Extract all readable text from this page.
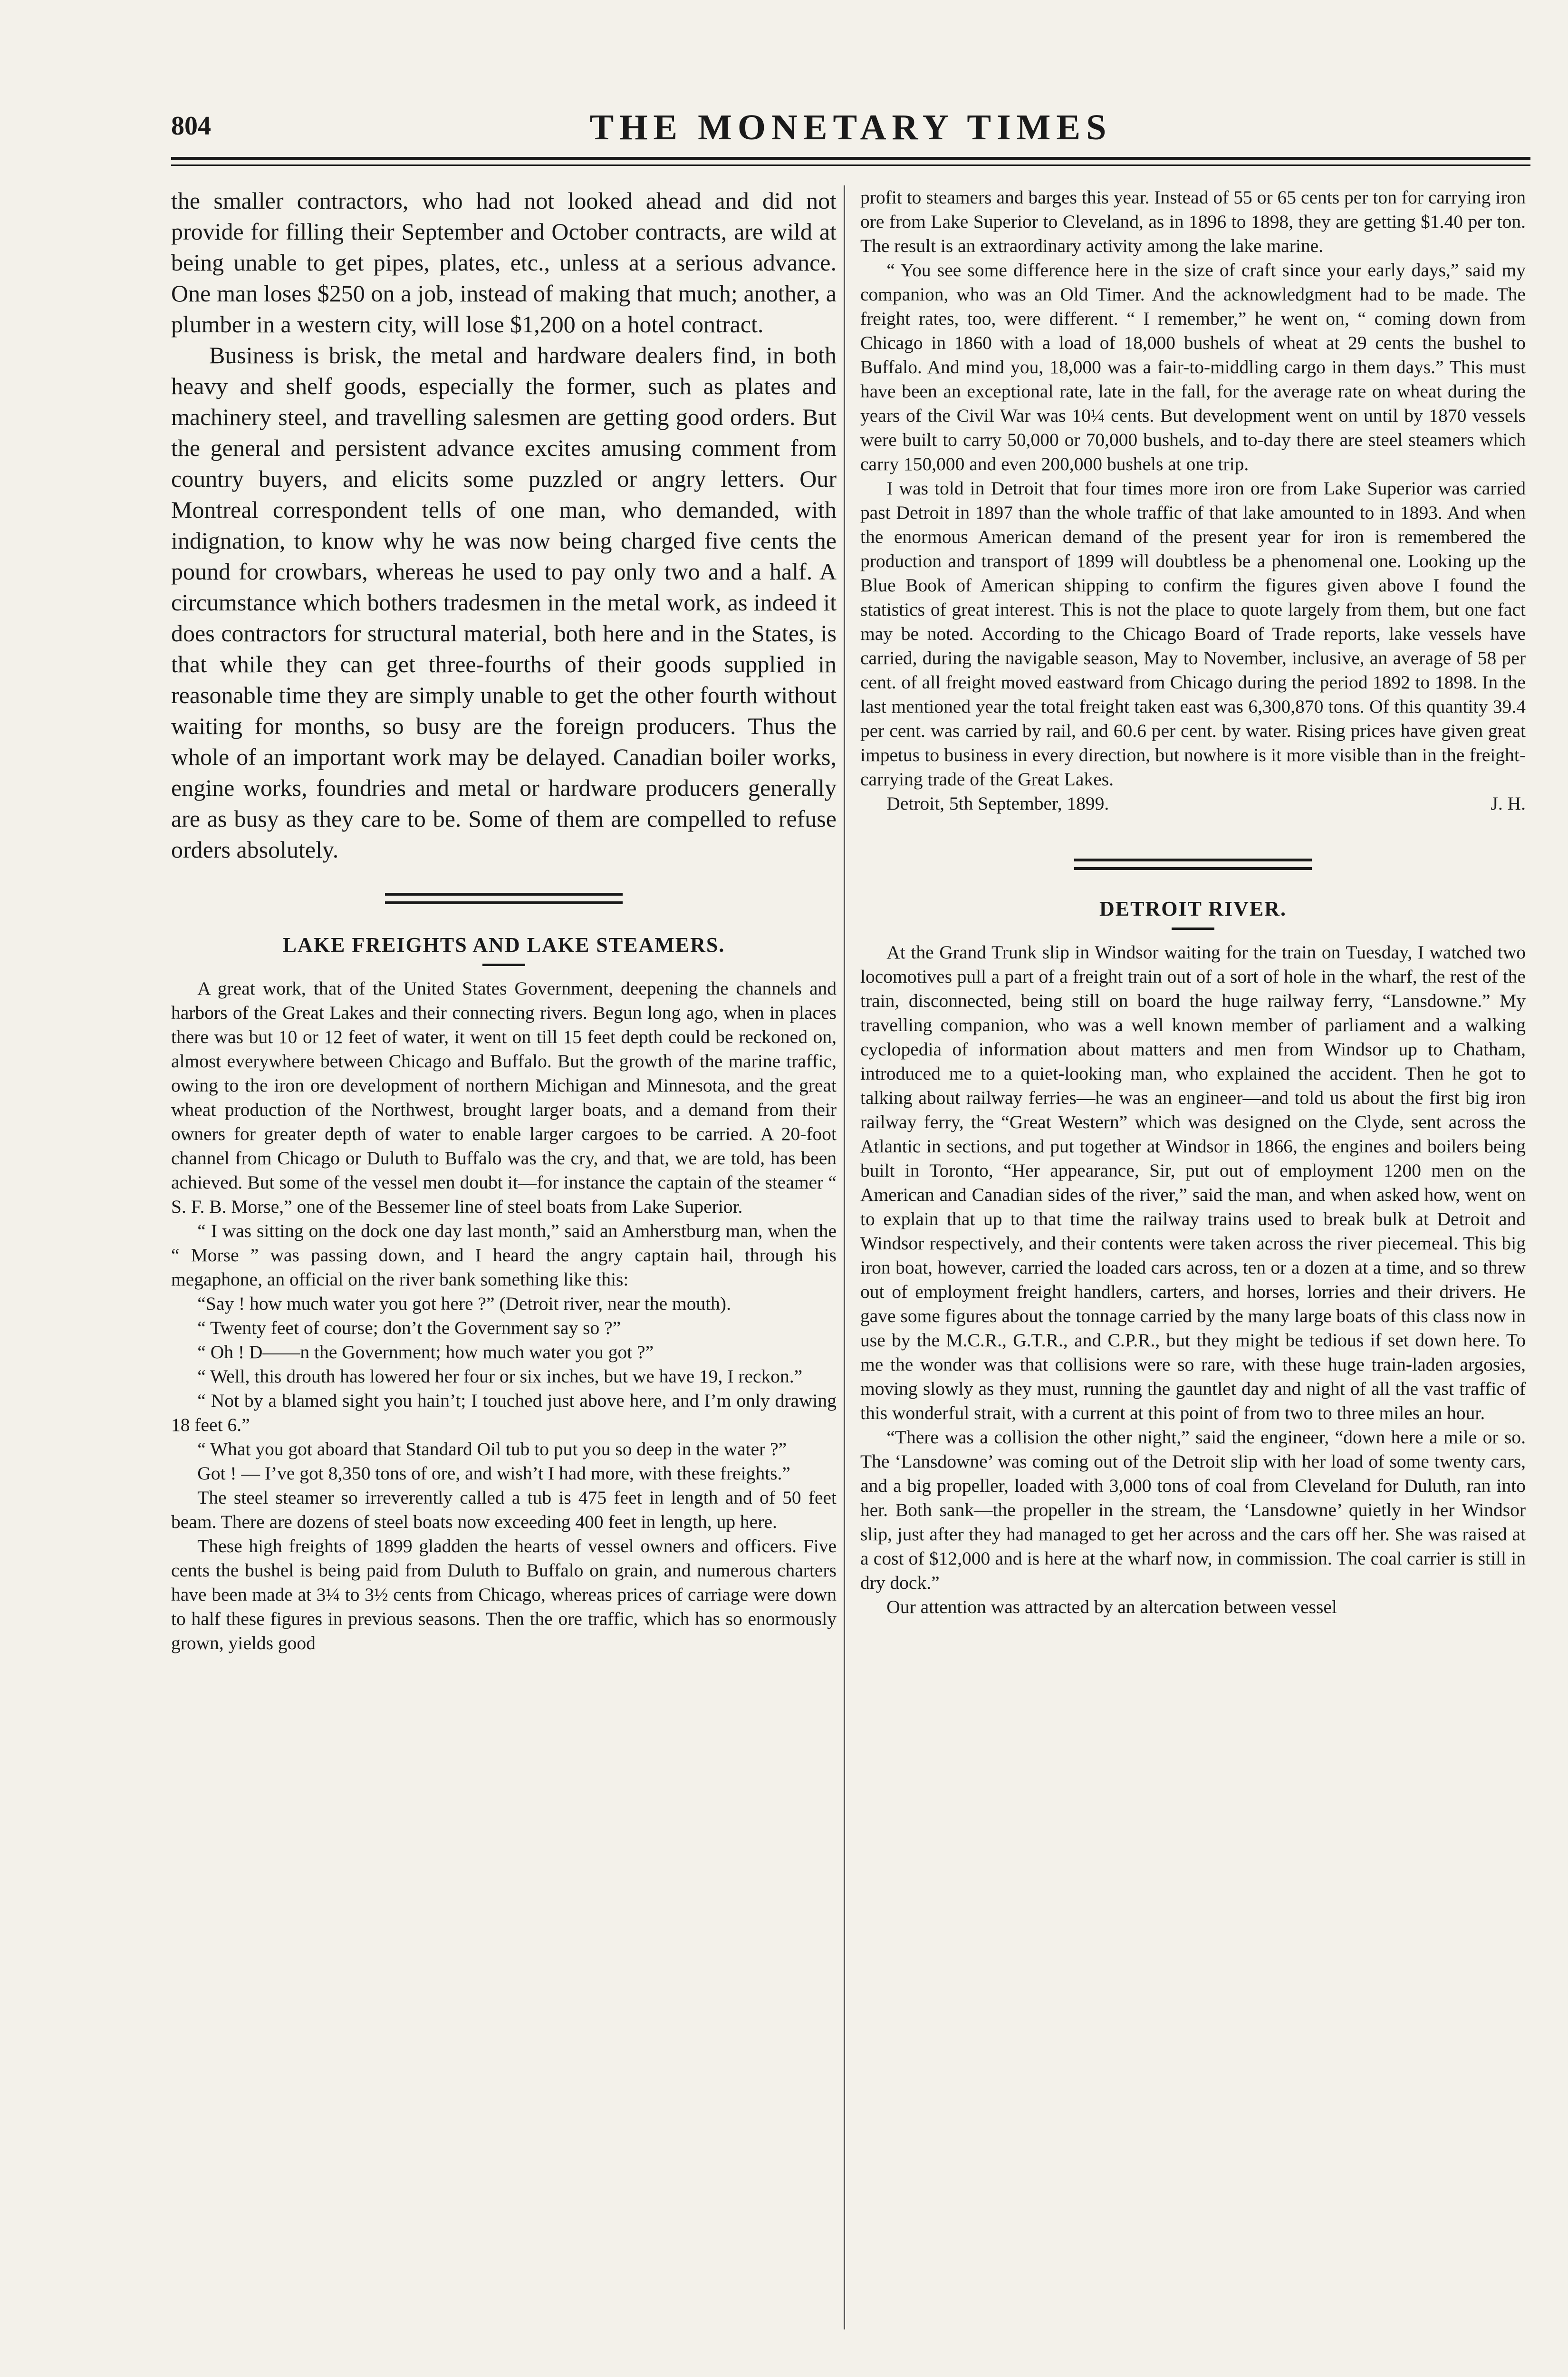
804	THE MONETARY TIMES

the smaller contractors, who had not looked ahead and did not provide for filling their September and October contracts, are wild at being unable to get pipes, plates, etc., unless at a serious advance. One man loses $250 on a job, instead of making that much; another, a plumber in a western city, will lose $1,200 on a hotel contract.

Business is brisk, the metal and hardware dealers find, in both heavy and shelf goods, especially the former, such as plates and machinery steel, and travelling salesmen are getting good orders. But the general and persistent advance excites amusing comment from country buyers, and elicits some puzzled or angry letters. Our Montreal correspondent tells of one man, who demanded, with indignation, to know why he was now being charged five cents the pound for crowbars, whereas he used to pay only two and a half. A circumstance which bothers tradesmen in the metal work, as indeed it does contractors for structural material, both here and in the States, is that while they can get three-fourths of their goods supplied in reasonable time they are simply unable to get the other fourth without waiting for months, so busy are the foreign producers. Thus the whole of an important work may be delayed. Canadian boiler works, engine works, foundries and metal or hardware producers generally are as busy as they care to be. Some of them are compelled to refuse orders absolutely.

LAKE FREIGHTS AND LAKE STEAMERS.

A great work, that of the United States Government, deepening the channels and harbors of the Great Lakes and their connecting rivers. Begun long ago, when in places there was but 10 or 12 feet of water, it went on till 15 feet depth could be reckoned on, almost everywhere between Chicago and Buffalo. But the growth of the marine traffic, owing to the iron ore development of northern Michigan and Minnesota, and the great wheat production of the Northwest, brought larger boats, and a demand from their owners for greater depth of water to enable larger cargoes to be carried. A 20-foot channel from Chicago or Duluth to Buffalo was the cry, and that, we are told, has been achieved. But some of the vessel men doubt it—for instance the captain of the steamer “ S. F. B. Morse,” one of the Bessemer line of steel boats from Lake Superior.

“ I was sitting on the dock one day last month,” said an Amherstburg man, when the “ Morse ” was passing down, and I heard the angry captain hail, through his megaphone, an official on the river bank something like this:

“Say ! how much water you got here ?” (Detroit river, near the mouth).

“ Twenty feet of course; don’t the Government say so ?”

“ Oh ! D——n the Government; how much water you got ?”

“ Well, this drouth has lowered her four or six inches, but we have 19, I reckon.”

“ Not by a blamed sight you hain’t; I touched just above here, and I’m only drawing 18 feet 6.”

“ What you got aboard that Standard Oil tub to put you so deep in the water ?”

Got ! — I’ve got 8,350 tons of ore, and wish’t I had more, with these freights.”

The steel steamer so irreverently called a tub is 475 feet in length and of 50 feet beam. There are dozens of steel boats now exceeding 400 feet in length, up here.

These high freights of 1899 gladden the hearts of vessel owners and officers. Five cents the bushel is being paid from Duluth to Buffalo on grain, and numerous charters have been made at 3¼ to 3½ cents from Chicago, whereas prices of carriage were down to half these figures in previous seasons. Then the ore traffic, which has so enormously grown, yields good

profit to steamers and barges this year. Instead of 55 or 65 cents per ton for carrying iron ore from Lake Superior to Cleveland, as in 1896 to 1898, they are getting $1.40 per ton. The result is an extraordinary activity among the lake marine.

“ You see some difference here in the size of craft since your early days,” said my companion, who was an Old Timer. And the acknowledgment had to be made. The freight rates, too, were different. “ I remember,” he went on, “ coming down from Chicago in 1860 with a load of 18,000 bushels of wheat at 29 cents the bushel to Buffalo. And mind you, 18,000 was a fair-to-middling cargo in them days.” This must have been an exceptional rate, late in the fall, for the average rate on wheat during the years of the Civil War was 10¼ cents. But development went on until by 1870 vessels were built to carry 50,000 or 70,000 bushels, and to-day there are steel steamers which carry 150,000 and even 200,000 bushels at one trip.

I was told in Detroit that four times more iron ore from Lake Superior was carried past Detroit in 1897 than the whole traffic of that lake amounted to in 1893. And when the enormous American demand of the present year for iron is remembered the production and transport of 1899 will doubtless be a phenomenal one. Looking up the Blue Book of American shipping to confirm the figures given above I found the statistics of great interest. This is not the place to quote largely from them, but one fact may be noted. According to the Chicago Board of Trade reports, lake vessels have carried, during the navigable season, May to November, inclusive, an average of 58 per cent. of all freight moved eastward from Chicago during the period 1892 to 1898. In the last mentioned year the total freight taken east was 6,300,870 tons. Of this quantity 39.4 per cent. was carried by rail, and 60.6 per cent. by water. Rising prices have given great impetus to business in every direction, but nowhere is it more visible than in the freight-carrying trade of the Great Lakes.

Detroit, 5th September, 1899.	J. H.
DETROIT RIVER.

At the Grand Trunk slip in Windsor waiting for the train on Tuesday, I watched two locomotives pull a part of a freight train out of a sort of hole in the wharf, the rest of the train, disconnected, being still on board the huge railway ferry, “Lansdowne.” My travelling companion, who was a well known member of parliament and a walking cyclopedia of information about matters and men from Windsor up to Chatham, introduced me to a quiet-looking man, who explained the accident. Then he got to talking about railway ferries—he was an engineer—and told us about the first big iron railway ferry, the “Great Western” which was designed on the Clyde, sent across the Atlantic in sections, and put together at Windsor in 1866, the engines and boilers being built in Toronto, “Her appearance, Sir, put out of employment 1200 men on the American and Canadian sides of the river,” said the man, and when asked how, went on to explain that up to that time the railway trains used to break bulk at Detroit and Windsor respectively, and their contents were taken across the river piecemeal. This big iron boat, however, carried the loaded cars across, ten or a dozen at a time, and so threw out of employment freight handlers, carters, and horses, lorries and their drivers. He gave some figures about the tonnage carried by the many large boats of this class now in use by the M.C.R., G.T.R., and C.P.R., but they might be tedious if set down here. To me the wonder was that collisions were so rare, with these huge train-laden argosies, moving slowly as they must, running the gauntlet day and night of all the vast traffic of this wonderful strait, with a current at this point of from two to three miles an hour.

“There was a collision the other night,” said the engineer, “down here a mile or so. The ‘Lansdowne’ was coming out of the Detroit slip with her load of some twenty cars, and a big propeller, loaded with 3,000 tons of coal from Cleveland for Duluth, ran into her. Both sank—the propeller in the stream, the ‘Lansdowne’ quietly in her Windsor slip, just after they had managed to get her across and the cars off her. She was raised at a cost of $12,000 and is here at the wharf now, in commission. The coal carrier is still in dry dock.”

Our attention was attracted by an altercation between vessel
